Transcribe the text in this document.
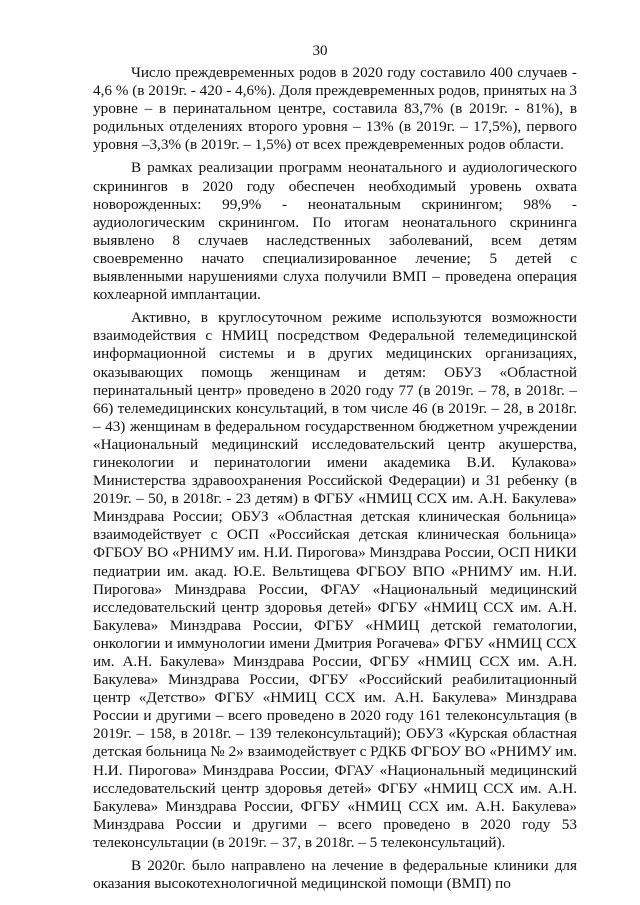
30

Число преждевременных родов в 2020 году составило 400 случаев - 4,6 % (в 2019г. - 420 - 4,6%). Доля преждевременных родов, принятых на 3 уровне – в перинатальном центре, составила 83,7% (в 2019г. - 81%), в родильных отделениях второго уровня – 13% (в 2019г. – 17,5%), первого уровня –3,3% (в 2019г. – 1,5%) от всех преждевременных родов области.

В рамках реализации программ неонатального и аудиологического скринингов в 2020 году обеспечен необходимый уровень охвата новорожденных: 99,9% - неонатальным скринингом; 98% - аудиологическим скринингом. По итогам неонатального скрининга выявлено 8 случаев наследственных заболеваний, всем детям своевременно начато специализированное лечение; 5 детей с выявленными нарушениями слуха получили ВМП – проведена операция кохлеарной имплантации.

Активно, в круглосуточном режиме используются возможности взаимодействия с НМИЦ посредством Федеральной телемедицинской информационной системы и в других медицинских организациях, оказывающих помощь женщинам и детям: ОБУЗ «Областной перинатальный центр» проведено в 2020 году 77 (в 2019г. – 78, в 2018г. – 66) телемедицинских консультаций, в том числе 46 (в 2019г. – 28, в 2018г. – 43) женщинам в федеральном государственном бюджетном учреждении «Национальный медицинский исследовательский центр акушерства, гинекологии и перинатологии имени академика В.И. Кулакова» Министерства здравоохранения Российской Федерации) и 31 ребенку (в 2019г. – 50, в 2018г. - 23 детям) в ФГБУ «НМИЦ ССХ им. А.Н. Бакулева» Минздрава России; ОБУЗ «Областная детская клиническая больница» взаимодействует с ОСП «Российская детская клиническая больница» ФГБОУ ВО «РНИМУ им. Н.И. Пирогова» Минздрава России, ОСП НИКИ педиатрии им. акад. Ю.Е. Вельтищева ФГБОУ ВПО «РНИМУ им. Н.И. Пирогова» Минздрава России, ФГАУ «Национальный медицинский исследовательский центр здоровья детей» ФГБУ «НМИЦ ССХ им. А.Н. Бакулева» Минздрава России, ФГБУ «НМИЦ детской гематологии, онкологии и иммунологии имени Дмитрия Рогачева» ФГБУ «НМИЦ ССХ им. А.Н. Бакулева» Минздрава России, ФГБУ «НМИЦ ССХ им. А.Н. Бакулева» Минздрава России, ФГБУ «Российский реабилитационный центр «Детство» ФГБУ «НМИЦ ССХ им. А.Н. Бакулева» Минздрава России и другими – всего проведено в 2020 году 161 телеконсультация (в 2019г. – 158, в 2018г. – 139 телеконсультаций); ОБУЗ «Курская областная детская больница № 2» взаимодействует с РДКБ ФГБОУ ВО «РНИМУ им. Н.И. Пирогова» Минздрава России, ФГАУ «Национальный медицинский исследовательский центр здоровья детей» ФГБУ «НМИЦ ССХ им. А.Н. Бакулева» Минздрава России, ФГБУ «НМИЦ ССХ им. А.Н. Бакулева» Минздрава России и другими – всего проведено в 2020 году 53 телеконсультации (в 2019г. – 37, в 2018г. – 5 телеконсультаций).

В 2020г. было направлено на лечение в федеральные клиники для оказания высокотехнологичной медицинской помощи (ВМП) по
